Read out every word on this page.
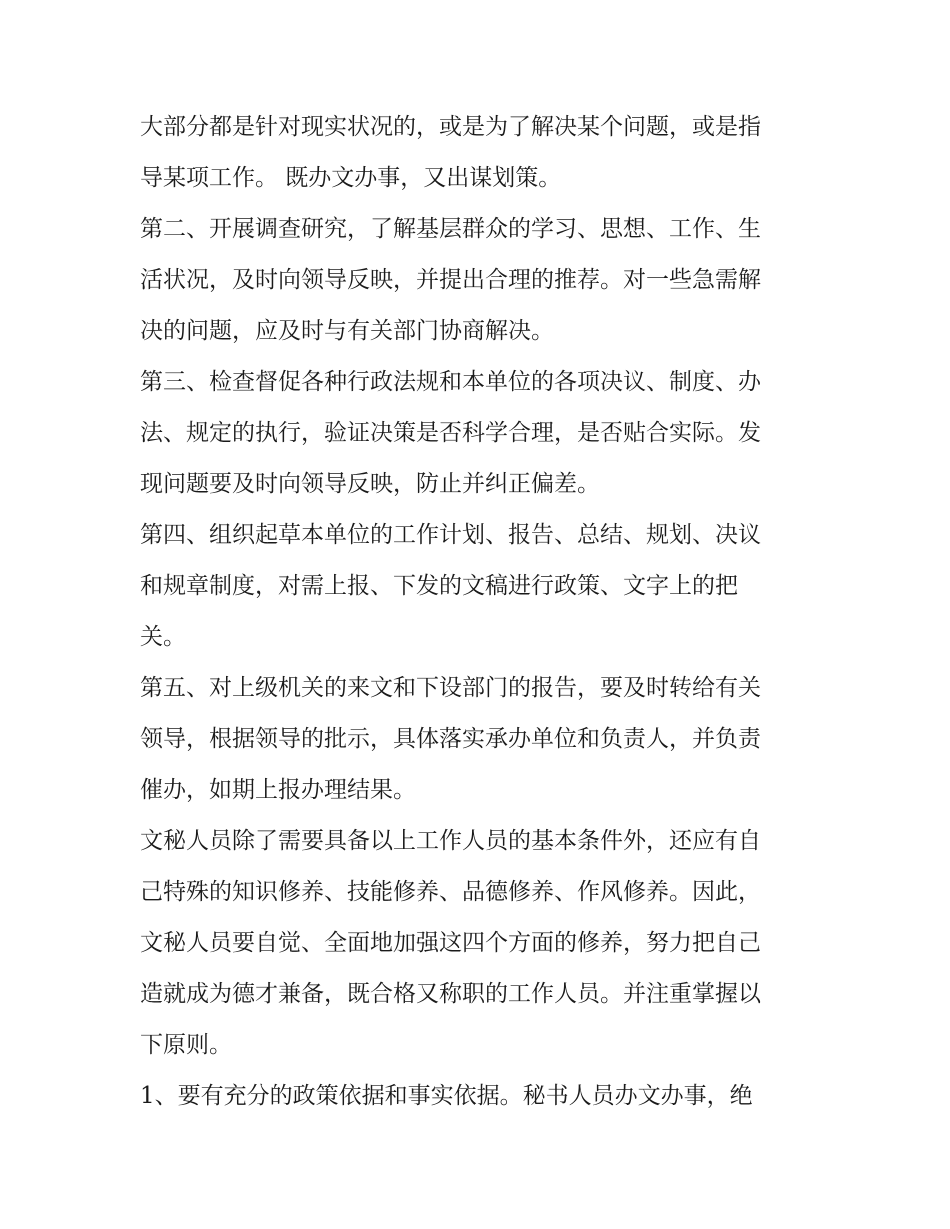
大部分都是针对现实状况的，或是为了解决某个问题，或是指
导某项工作。 既办文办事，又出谋划策。

第二、开展调查研究，了解基层群众的学习、思想、工作、生
活状况，及时向领导反映，并提出合理的推荐。对一些急需解
决的问题，应及时与有关部门协商解决。

第三、检查督促各种行政法规和本单位的各项决议、制度、办
法、规定的执行，验证决策是否科学合理，是否贴合实际。发
现问题要及时向领导反映，防止并纠正偏差。

第四、组织起草本单位的工作计划、报告、总结、规划、决议
和规章制度，对需上报、下发的文稿进行政策、文字上的把
关。

第五、对上级机关的来文和下设部门的报告，要及时转给有关
领导，根据领导的批示，具体落实承办单位和负责人，并负责
催办，如期上报办理结果。

文秘人员除了需要具备以上工作人员的基本条件外，还应有自
己特殊的知识修养、技能修养、品德修养、作风修养。因此，
文秘人员要自觉、全面地加强这四个方面的修养，努力把自己
造就成为德才兼备，既合格又称职的工作人员。并注重掌握以
下原则。

1、要有充分的政策依据和事实依据。秘书人员办文办事，绝
